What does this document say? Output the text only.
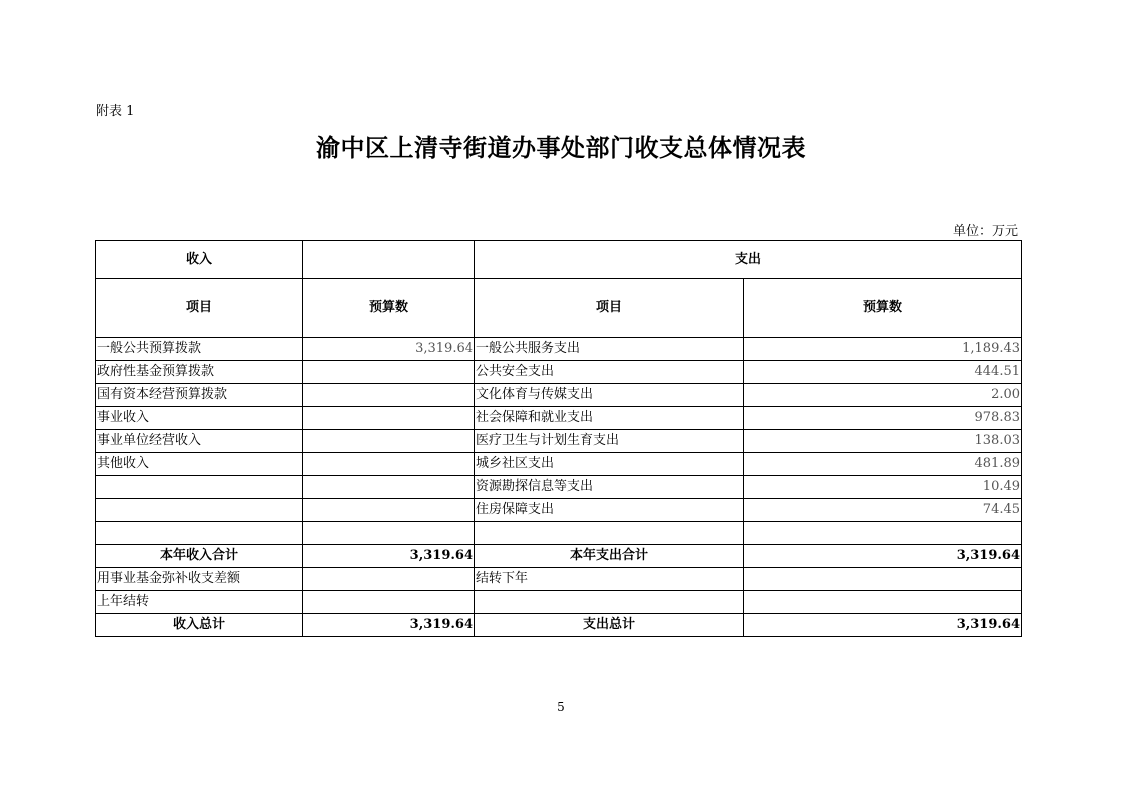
附表 1
渝中区上清寺街道办事处部门收支总体情况表
单位：万元
收入		支出	
项目	预算数	项目	预算数
一般公共预算拨款	3,319.64	一般公共服务支出	1,189.43
政府性基金预算拨款		公共安全支出	444.51
国有资本经营预算拨款		文化体育与传媒支出	2.00
事业收入		社会保障和就业支出	978.83
事业单位经营收入		医疗卫生与计划生育支出	138.03
其他收入		城乡社区支出	481.89
		资源勘探信息等支出	10.49
		住房保障支出	74.45

本年收入合计	3,319.64	本年支出合计	3,319.64
用事业基金弥补收支差额		结转下年	
上年结转			
收入总计	3,319.64	支出总计	3,319.64
5
